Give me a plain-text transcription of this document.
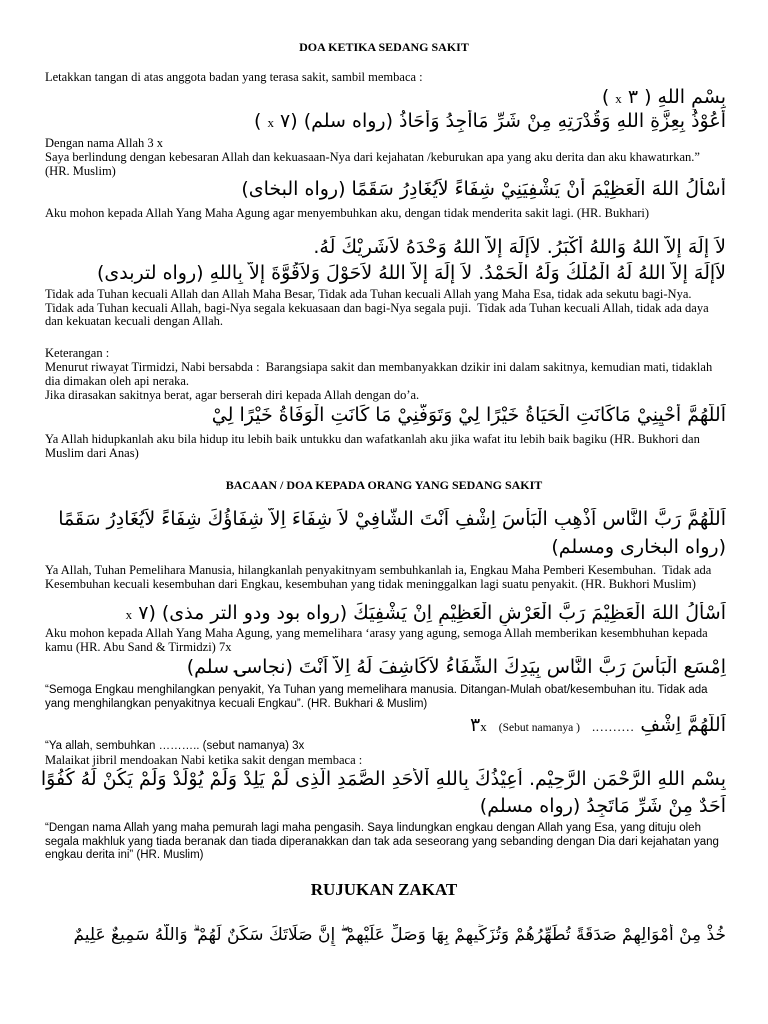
DOA KETIKA SEDANG SAKIT
Letakkan tangan di atas anggota badan yang terasa sakit, sambil membaca :
بِسْمِ اللهِ ( ٣ x )
أَعُوْذُ بِعِزَّةِ اللهِ وَقُدْرَتِهِ مِنْ شَرِّ مَاأَجِدُ وَأُحَاذُ (رواه سلم) (٧ x )
Dengan nama Allah 3 x
Saya berlindung dengan kebesaran Allah dan kekuasaan-Nya dari kejahatan /keburukan apa yang aku derita dan aku khawatırkan.” (HR. Muslim)
أَسْأَلُ اللهَ الْعَظِيْمَ أَنْ يَشْفِيَنِيْ شِفَاءً لاَيُغَادِرُ سَقَمًا (رواه البخاى)
Aku mohon kepada Allah Yang Maha Agung agar menyembuhkan aku, dengan tidak menderita sakit lagi. (HR. Bukhari)
لاَ إِلَهَ إِلاَّ اللهُ وَاللهُ أَكْبَرُ. لاَإِلَهَ إِلاَّ اللهُ وَحْدَهُ لاَشَرِيْكَ لَهُ.
لاَإِلَهَ إِلاَّ اللهُ لَهُ الْمُلْكُ وَلَهُ الْحَمْدُ. لاَ إِلَهَ إِلاَّ اللهُ لاَحَوْلَ وَلاَقُوَّةَ إِلاَّ بِاللهِ (رواه لتربدى)
Tidak ada Tuhan kecuali Allah dan Allah Maha Besar, Tidak ada Tuhan kecuali Allah yang Maha Esa, tidak ada sekutu bagi-Nya.  Tidak ada Tuhan kecuali Allah, bagi-Nya segala kekuasaan dan bagi-Nya segala puji.  Tidak ada Tuhan kecuali Allah, tidak ada daya dan kekuatan kecuali dengan Allah.
Keterangan :
Menurut riwayat Tirmidzi, Nabi bersabda :  Barangsiapa sakit dan membanyakkan dzikir ini dalam sakitnya, kemudian mati, tidaklah dia dimakan oleh api neraka.
Jika dirasakan sakitnya berat, agar berserah diri kepada Allah dengan do’a.
اَللَّهُمَّ أَحْيِنِيْ مَاكَانَتِ الْحَيَاةُ خَيْرًا لِيْ وَتَوَفَّنِيْ مَا كَانَتِ الْوَفَاةُ خَيْرًا لِيْ
Ya Allah hidupkanlah aku bila hidup itu lebih baik untukku dan wafatkanlah aku jika wafat itu lebih baik bagiku (HR. Bukhori dan Muslim dari Anas)
BACAAN / DOA KEPADA ORANG YANG SEDANG SAKIT
اَللَّهُمَّ رَبَّ النَّاسِ اَذْهِبِ الْبَأْسَ اِشْفِ اَنْتَ الشَّافِيْ لاَ شِفَاءَ اِلاَّ شِفَاؤُكَ شِفَاءً لاَيُغَادِرُ سَقَمًا
(رواه البخارى ومسلم)
Ya Allah, Tuhan Pemelihara Manusia, hilangkanlah penyakitnyam sembuhkanlah ia, Engkau Maha Pemberi Kesembuhan.  Tidak ada Kesembuhan kecuali kesembuhan dari Engkau, kesembuhan yang tidak meninggalkan lagi suatu penyakit. (HR. Bukhori Muslim)
اَسْأَلُ اللهَ الْعَظِيْمَ رَبَّ الْعَرْشِ الْعَظِيْمِ اِنْ يَشْفِيَكَ (رواه بود ودو التر مذى) (٧ x
Aku mohon kepada Allah Yang Maha Agung, yang memelihara ‘arasy yang agung, semoga Allah memberikan kesembhuhan kepada kamu (HR. Abu Sand & Tirmidzi) 7x
اِمْسَعِ الْبَأْسَ رَبَّ النَّاسِ بِيَدِكَ الشِّفَاءُ لاَكَاشِفَ لَهُ اِلاَّ اَنْتَ (نجاسۍ سلم)
“Semoga Engkau menghilangkan penyakit, Ya Tuhan yang memelihara manusia. Ditangan-Mulah obat/kesembuhan itu. Tidak ada yang menghilangkan penyakitnya kecuali Engkau”. (HR. Bukhari & Muslim)
اَللَّهُمَّ اِشْفِ ……….  ( Sebut namanya)  ٣x
“Ya allah, sembuhkan ……….. (sebut namanya) 3x
Malaikat jibril mendoakan Nabi ketika sakit dengan membaca :
بِسْمِ اللهِ الرَّحْمَنِ الرَّحِيْمِ. اُعِيْذُكَ بِاللهِ اْلأَحَدِ الصَّمَدِ الَّذِى لَمْ يَلِدْ وَلَمْ يُوْلَدْ وَلَمْ يَكُنْ لَهُ كُفُوًا
اَحَدٌ مِنْ شَرِّ مَاتَجِدُ (رواه مسلم)
“Dengan nama Allah yang maha pemurah lagi maha pengasih. Saya lindungkan engkau dengan Allah yang Esa, yang dituju oleh segala makhluk yang tiada beranak dan tiada diperanakkan dan tak ada seseorang yang sebanding dengan Dia dari kejahatan yang engkau derita ini” (HR. Muslim)
RUJUKAN ZAKAT
خُذْ مِنْ أَمْوَالِهِمْ صَدَقَةً تُطَهِّرُهُمْ وَتُزَكِّيهِمْ بِهَا وَصَلِّ عَلَيْهِمْ ۖ إِنَّ صَلَاتَكَ سَكَنٌ لَهُمْ ۗ وَاللَّهُ سَمِيعٌ عَلِيمٌ
